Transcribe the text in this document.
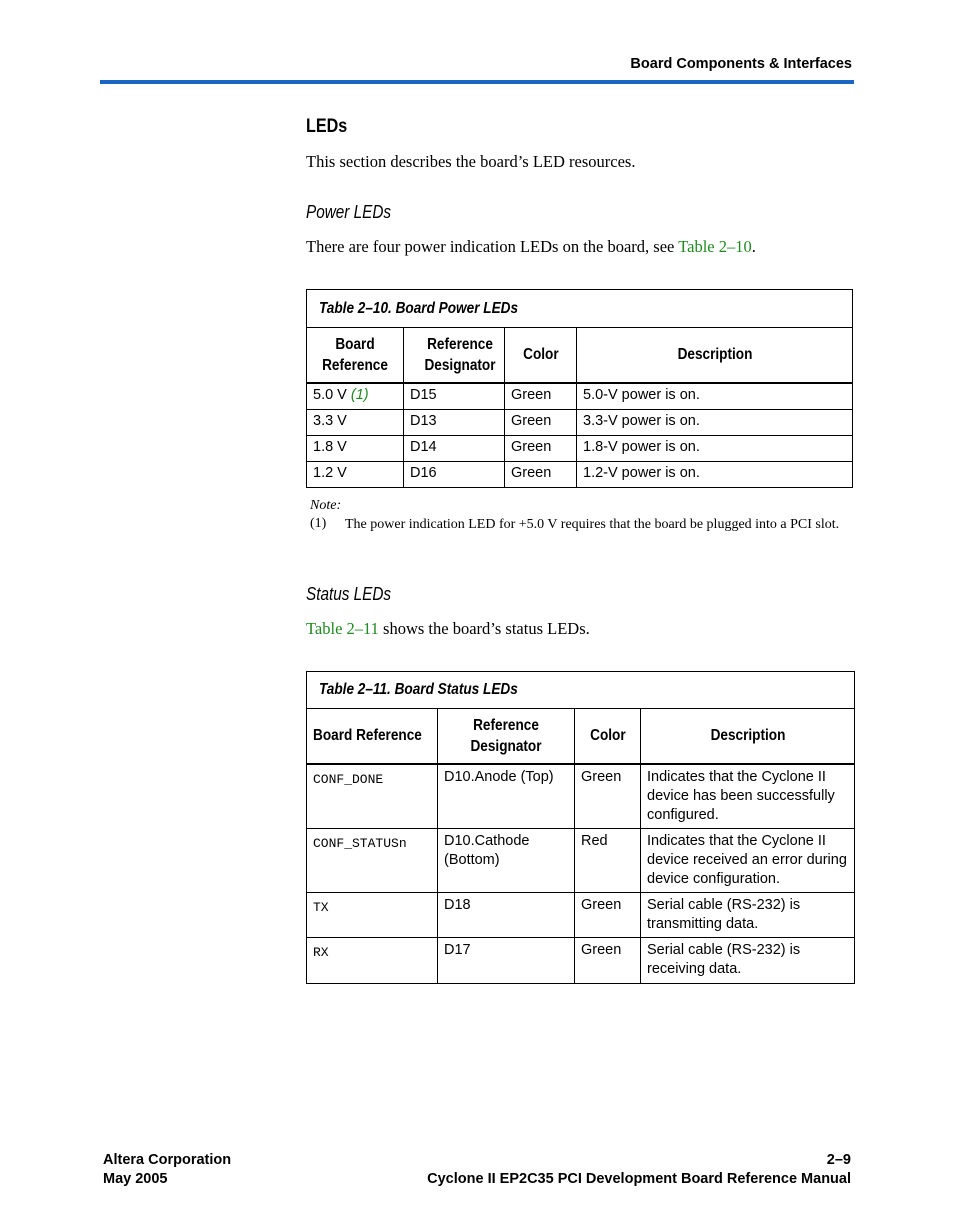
Board Components & Interfaces
LEDs
This section describes the board’s LED resources.
Power LEDs
There are four power indication LEDs on the board, see Table 2–10.
Table 2–10. Board Power LEDs			
Board Reference	Reference Designator	Color	Description
5.0 V (1)	D15	Green	5.0-V power is on.
3.3 V	D13	Green	3.3-V power is on.
1.8 V	D14	Green	1.8-V power is on.
1.2 V	D16	Green	1.2-V power is on.
Note:
(1) The power indication LED for +5.0 V requires that the board be plugged into a PCI slot.
Status LEDs
Table 2–11 shows the board’s status LEDs.
Table 2–11. Board Status LEDs			
Board Reference	Reference Designator	Color	Description
CONF_DONE	D10.Anode (Top)	Green	Indicates that the Cyclone II device has been successfully configured.
CONF_STATUSn	D10.Cathode (Bottom)	Red	Indicates that the Cyclone II device received an error during device configuration.
TX	D18	Green	Serial cable (RS-232) is transmitting data.
RX	D17	Green	Serial cable (RS-232) is receiving data.
Altera Corporation
May 2005
2–9
Cyclone II EP2C35 PCI Development Board Reference Manual
